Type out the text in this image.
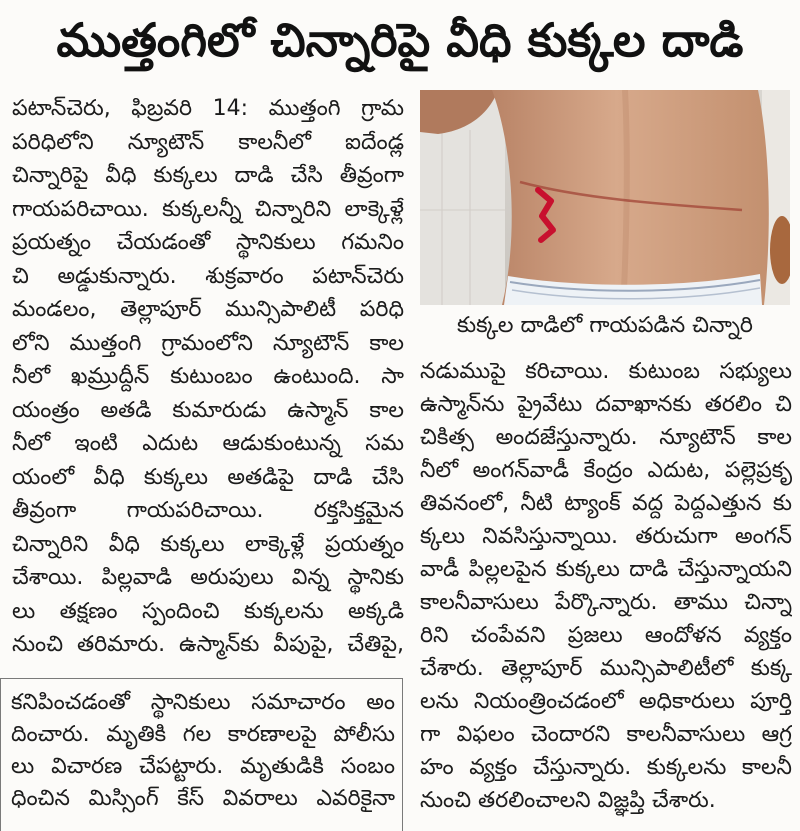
ముత్తంగిలో చిన్నారిపై వీధి కుక్కల దాడి
పటాన్‌చెరు, ఫిబ్రవరి 14: ముత్తంగి గ్రామ
పరిధిలోని న్యూటౌన్ కాలనీలో ఐదేండ్ల
చిన్నారిపై వీధి కుక్కలు దాడి చేసి తీవ్రంగా
గాయపరిచాయి. కుక్కలన్నీ చిన్నారిని లాక్కెళ్లే
ప్రయత్నం చేయడంతో స్థానికులు గమనిం
చి అడ్డుకున్నారు. శుక్రవారం పటాన్‌చెరు
మండలం, తెల్లాపూర్ మున్సిపాలిటీ పరిధి
లోని ముత్తంగి గ్రామంలోని న్యూటౌన్ కాల
నీలో ఖమ్రుద్దీన్ కుటుంబం ఉంటుంది. సా
యంత్రం అతడి కుమారుడు ఉస్మాన్ కాల
నీలో ఇంటి ఎదుట ఆడుకుంటున్న సమ
యంలో వీధి కుక్కలు అతడిపై దాడి చేసి
తీవ్రంగా గాయపరిచాయి. రక్తసిక్తమైన
చిన్నారిని వీధి కుక్కలు లాక్కెళ్లే ప్రయత్నం
చేశాయి. పిల్లవాడి అరుపులు విన్న స్థానికు
లు తక్షణం స్పందించి కుక్కలను అక్కడి
నుంచి తరిమారు. ఉస్మాన్‌కు వీపుపై, చేతిపై,
కుక్కల దాడిలో గాయపడిన చిన్నారి
నడుముపై కరిచాయి. కుటుంబ సభ్యులు
ఉస్మాన్‌ను ప్రైవేటు దవాఖానకు తరలిం చి
చికిత్స అందజేస్తున్నారు. న్యూటౌన్ కాల
నీలో అంగన్‌వాడీ కేంద్రం ఎదుట, పల్లెప్రకృ
తివనంలో, నీటి ట్యాంక్ వద్ద పెద్దఎత్తున కు
క్కలు నివసిస్తున్నాయి. తరుచుగా అంగన్
వాడీ పిల్లలపైన కుక్కలు దాడి చేస్తున్నాయని
కాలనీవాసులు పేర్కొన్నారు. తాము చిన్నా
రిని చంపేవని ప్రజలు ఆందోళన వ్యక్తం
చేశారు. తెల్లాపూర్ మున్సిపాలిటీలో కుక్క
లను నియంత్రించడంలో అధికారులు పూర్తి
గా విఫలం చెందారని కాలనీవాసులు ఆగ్ర
హం వ్యక్తం చేస్తున్నారు. కుక్కలను కాలనీ
నుంచి తరలించాలని విజ్ఞప్తి చేశారు.
కనిపించడంతో స్థానికులు సమాచారం అం
దించారు. మృతికి గల కారణాలపై పోలీసు
లు విచారణ చేపట్టారు. మృతుడికి సంబం
ధించిన మిస్సింగ్ కేస్ వివరాలు ఎవరికైనా
